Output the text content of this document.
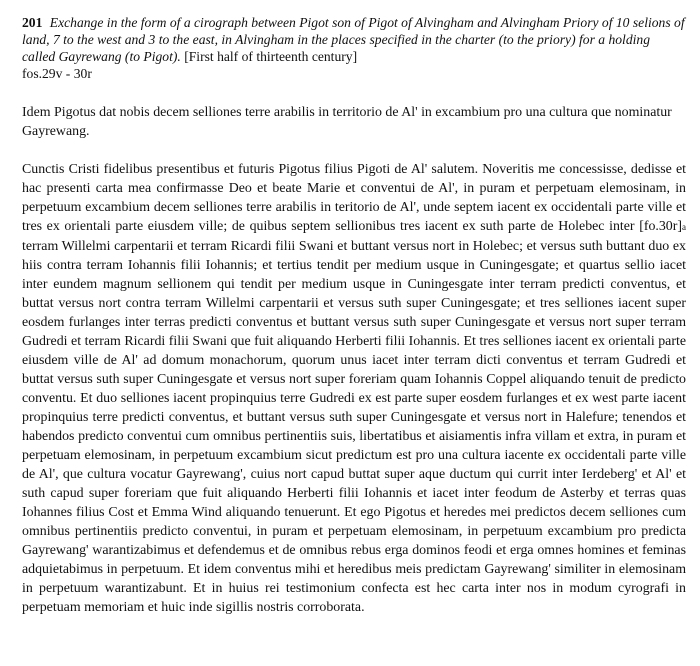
201 Exchange in the form of a cirograph between Pigot son of Pigot of Alvingham and Alvingham Priory of 10 selions of land, 7 to the west and 3 to the east, in Alvingham in the places specified in the charter (to the priory) for a holding called Gayrewang (to Pigot). [First half of thirteenth century]

fos.29v - 30r

Idem Pigotus dat nobis decem selliones terre arabilis in territorio de Al' in excambium pro una cultura que nominatur Gayrewang.

Cunctis Cristi fidelibus presentibus et futuris Pigotus filius Pigoti de Al' salutem. Noveritis me concessisse, dedisse et hac presenti carta mea confirmasse Deo et beate Marie et conventui de Al', in puram et perpetuam elemosinam, in perpetuum excambium decem selliones terre arabilis in teritorio de Al', unde septem iacent ex occidentali parte ville et tres ex orientali parte eiusdem ville; de quibus septem sellionibus tres iacent ex suth parte de Holebec inter [fo.30r]a terram Willelmi carpentarii et terram Ricardi filii Swani et buttant versus nort in Holebec; et versus suth buttant duo ex hiis contra terram Iohannis filii Iohannis; et tertius tendit per medium usque in Cuningesgate; et quartus sellio iacet inter eundem magnum sellionem qui tendit per medium usque in Cuningesgate inter terram predicti conventus, et buttat versus nort contra terram Willelmi carpentarii et versus suth super Cuningesgate; et tres selliones iacent super eosdem furlanges inter terras predicti conventus et buttant versus suth super Cuningesgate et versus nort super terram Gudredi et terram Ricardi filii Swani que fuit aliquando Herberti filii Iohannis. Et tres selliones iacent ex orientali parte eiusdem ville de Al' ad domum monachorum, quorum unus iacet inter terram dicti conventus et terram Gudredi et buttat versus suth super Cuningesgate et versus nort super foreriam quam Iohannis Coppel aliquando tenuit de predicto conventu. Et duo selliones iacent propinquius terre Gudredi ex est parte super eosdem furlanges et ex west parte iacent propinquius terre predicti conventus, et buttant versus suth super Cuningesgate et versus nort in Halefure; tenendos et habendos predicto conventui cum omnibus pertinentiis suis, libertatibus et aisiamentis infra villam et extra, in puram et perpetuam elemosinam, in perpetuum excambium sicut predictum est pro una cultura iacente ex occidentali parte ville de Al', que cultura vocatur Gayrewang', cuius nort capud buttat super aque ductum qui currit inter Ierdeberg' et Al' et suth capud super foreriam que fuit aliquando Herberti filii Iohannis et iacet inter feodum de Asterby et terras quas Iohannes filius Cost et Emma Wind aliquando tenuerunt. Et ego Pigotus et heredes mei predictos decem selliones cum omnibus pertinentiis predicto conventui, in puram et perpetuam elemosinam, in perpetuum excambium pro predicta Gayrewang' warantizabimus et defendemus et de omnibus rebus erga dominos feodi et erga omnes homines et feminas adquietabimus in perpetuum. Et idem conventus mihi et heredibus meis predictam Gayrewang' similiter in elemosinam in perpetuum warantizabunt. Et in huius rei testimonium confecta est hec carta inter nos in modum cyrografi in perpetuam memoriam et huic inde sigillis nostris corroborata.
